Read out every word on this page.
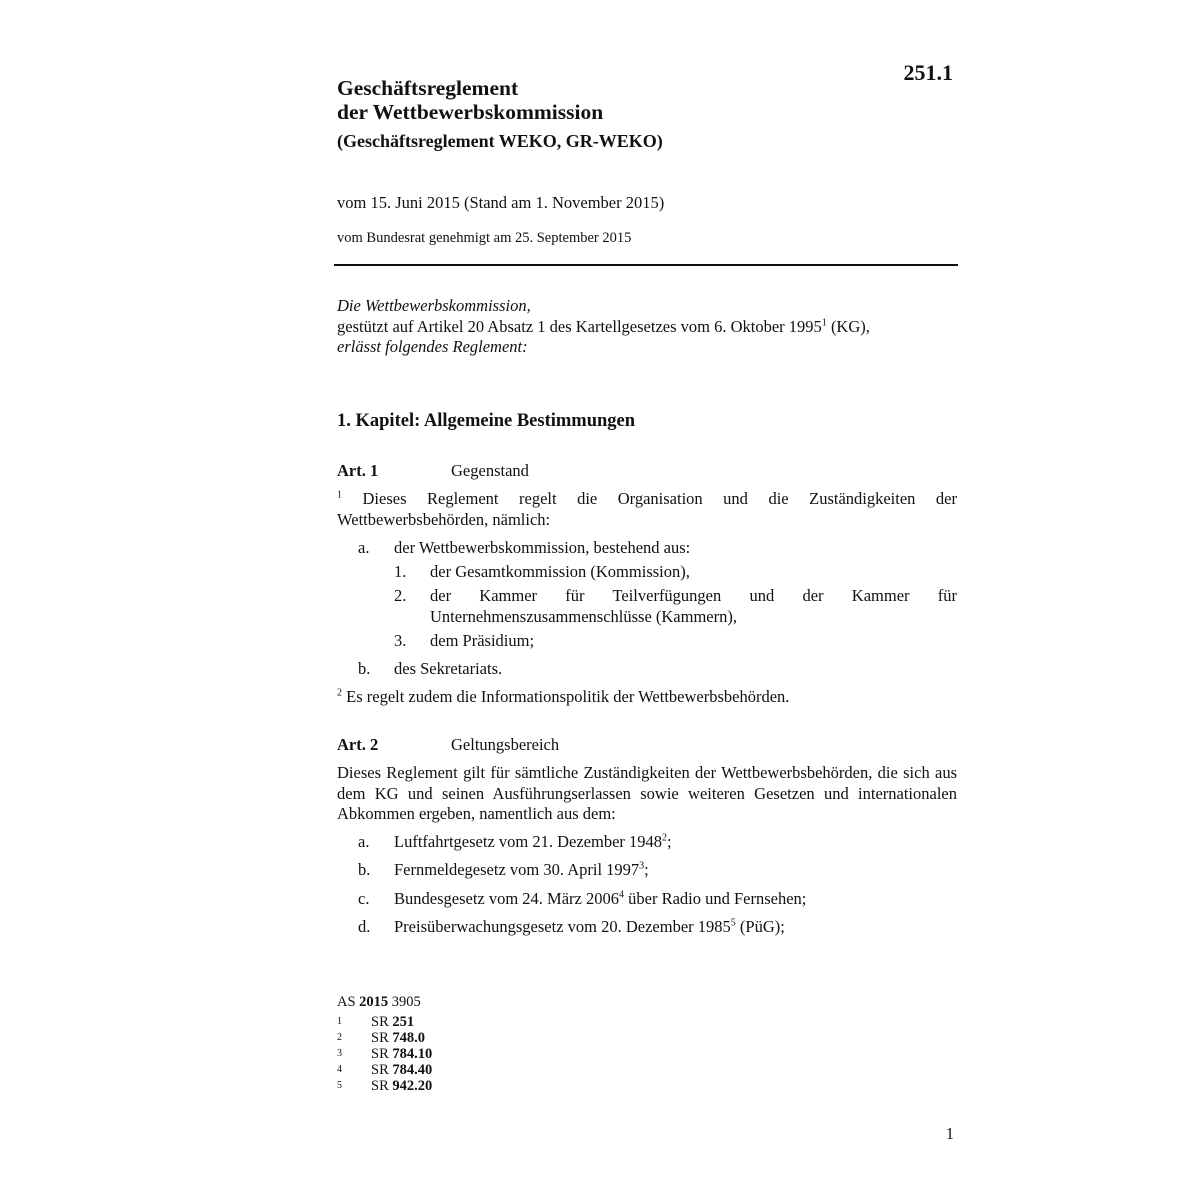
251.1
Geschäftsreglement
der Wettbewerbskommission
(Geschäftsreglement WEKO, GR-WEKO)
vom 15. Juni 2015 (Stand am 1. November 2015)
vom Bundesrat genehmigt am 25. September 2015
Die Wettbewerbskommission,
gestützt auf Artikel 20 Absatz 1 des Kartellgesetzes vom 6. Oktober 1995$^1$ (KG),
erlässt folgendes Reglement:
1. Kapitel: Allgemeine Bestimmungen
Art. 1	Gegenstand
$^1$ Dieses Reglement regelt die Organisation und die Zuständigkeiten der Wettbewerbsbehörden, nämlich:
a. der Wettbewerbskommission, bestehend aus:
1. der Gesamtkommission (Kommission),
2. der Kammer für Teilverfügungen und der Kammer für Unternehmenszusammenschlüsse (Kammern),
3. dem Präsidium;
b. des Sekretariats.
$^2$ Es regelt zudem die Informationspolitik der Wettbewerbsbehörden.
Art. 2	Geltungsbereich
Dieses Reglement gilt für sämtliche Zuständigkeiten der Wettbewerbsbehörden, die sich aus dem KG und seinen Ausführungserlassen sowie weiteren Gesetzen und internationalen Abkommen ergeben, namentlich aus dem:
a. Luftfahrtgesetz vom 21. Dezember 1948$^2$;
b. Fernmeldegesetz vom 30. April 1997$^3$;
c. Bundesgesetz vom 24. März 2006$^4$ über Radio und Fernsehen;
d. Preisüberwachungsgesetz vom 20. Dezember 1985$^5$ (PüG);
AS 2015 3905
1 SR 251
2 SR 748.0
3 SR 784.10
4 SR 784.40
5 SR 942.20
1
